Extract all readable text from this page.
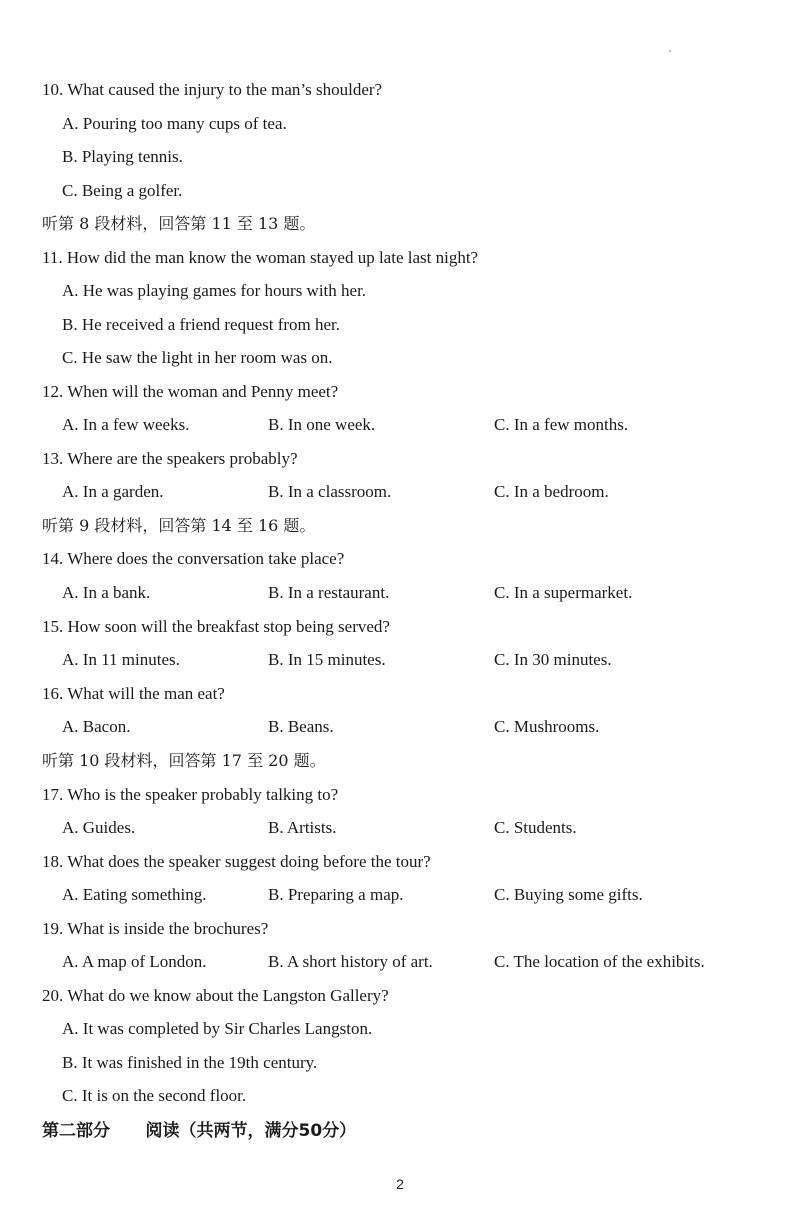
10. What caused the injury to the man’s shoulder?
A. Pouring too many cups of tea.
B. Playing tennis.
C. Being a golfer.
听第 8 段材料，回答第 11 至 13 题。
11. How did the man know the woman stayed up late last night?
A. He was playing games for hours with her.
B. He received a friend request from her.
C. He saw the light in her room was on.
12. When will the woman and Penny meet?
A. In a few weeks.	B. In one week.	C. In a few months.
13. Where are the speakers probably?
A. In a garden.	B. In a classroom.	C. In a bedroom.
听第 9 段材料，回答第 14 至 16 题。
14. Where does the conversation take place?
A. In a bank.	B. In a restaurant.	C. In a supermarket.
15. How soon will the breakfast stop being served?
A. In 11 minutes.	B. In 15 minutes.	C. In 30 minutes.
16. What will the man eat?
A. Bacon.	B. Beans.	C. Mushrooms.
听第 10 段材料，回答第 17 至 20 题。
17. Who is the speaker probably talking to?
A. Guides.	B. Artists.	C. Students.
18. What does the speaker suggest doing before the tour?
A. Eating something.	B. Preparing a map.	C. Buying some gifts.
19. What is inside the brochures?
A. A map of London.	B. A short history of art.	C. The location of the exhibits.
20. What do we know about the Langston Gallery?
A. It was completed by Sir Charles Langston.
B. It was finished in the 19th century.
C. It is on the second floor.
第二部分      阅读（共两节，满分50分）
2
